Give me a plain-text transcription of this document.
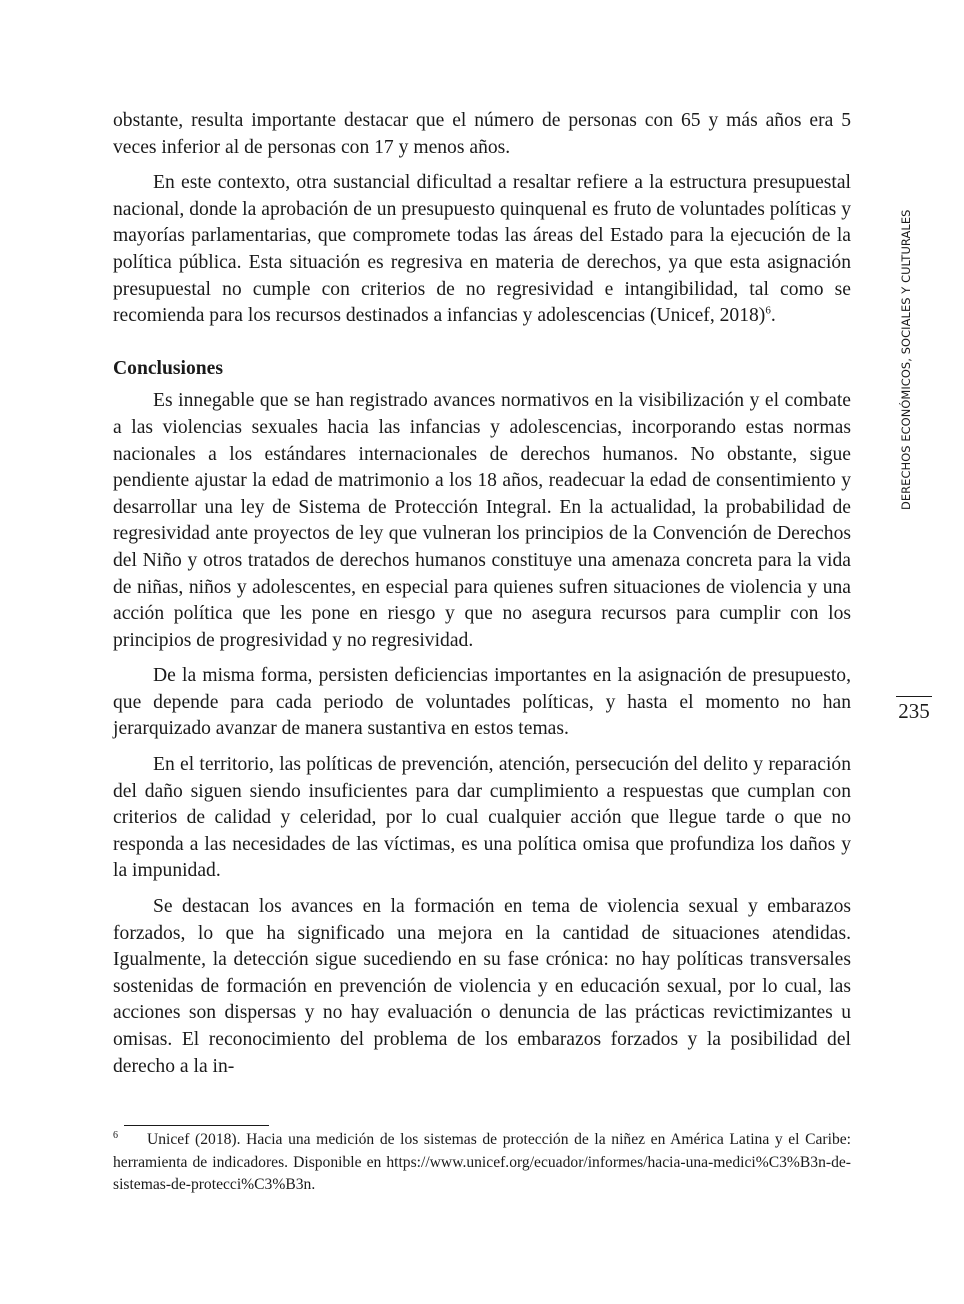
obstante, resulta importante destacar que el número de personas con 65 y más años era 5 veces inferior al de personas con 17 y menos años.

En este contexto, otra sustancial dificultad a resaltar refiere a la estructura presupuestal nacional, donde la aprobación de un presupuesto quinquenal es fruto de voluntades políticas y mayorías parlamentarias, que compromete todas las áreas del Estado para la ejecución de la política pública. Esta situación es regresiva en materia de derechos, ya que esta asignación presupuestal no cumple con criterios de no regresividad e intangibilidad, tal como se recomienda para los recursos destinados a infancias y adolescencias (Unicef, 2018)$^6$.

Conclusiones

Es innegable que se han registrado avances normativos en la visibilización y el combate a las violencias sexuales hacia las infancias y adolescencias, incorporando estas normas nacionales a los estándares internacionales de derechos humanos. No obstante, sigue pendiente ajustar la edad de matrimonio a los 18 años, readecuar la edad de consentimiento y desarrollar una ley de Sistema de Protección Integral. En la actualidad, la probabilidad de regresividad ante proyectos de ley que vulneran los principios de la Convención de Derechos del Niño y otros tratados de derechos humanos constituye una amenaza concreta para la vida de niñas, niños y adolescentes, en especial para quienes sufren situaciones de violencia y una acción política que les pone en riesgo y que no asegura recursos para cumplir con los principios de progresividad y no regresividad.

De la misma forma, persisten deficiencias importantes en la asignación de presupuesto, que depende para cada periodo de voluntades políticas, y hasta el momento no han jerarquizado avanzar de manera sustantiva en estos temas.

En el territorio, las políticas de prevención, atención, persecución del delito y reparación del daño siguen siendo insuficientes para dar cumplimiento a respuestas que cumplan con criterios de calidad y celeridad, por lo cual cualquier acción que llegue tarde o que no responda a las necesidades de las víctimas, es una política omisa que profundiza los daños y la impunidad.

Se destacan los avances en la formación en tema de violencia sexual y embarazos forzados, lo que ha significado una mejora en la cantidad de situaciones atendidas. Igualmente, la detección sigue sucediendo en su fase crónica: no hay políticas transversales sostenidas de formación en prevención de violencia y en educación sexual, por lo cual, las acciones son dispersas y no hay evaluación o denuncia de las prácticas revictimizantes u omisas. El reconocimiento del problema de los embarazos forzados y la posibilidad del derecho a la in-

6 Unicef (2018). Hacia una medición de los sistemas de protección de la niñez en América Latina y el Caribe: herramienta de indicadores. Disponible en https://www.unicef.org/ecuador/informes/hacia-una-medici%C3%B3n-de-sistemas-de-protecci%C3%B3n.
DERECHOS ECONÓMICOS, SOCIALES Y CULTURALES
235
